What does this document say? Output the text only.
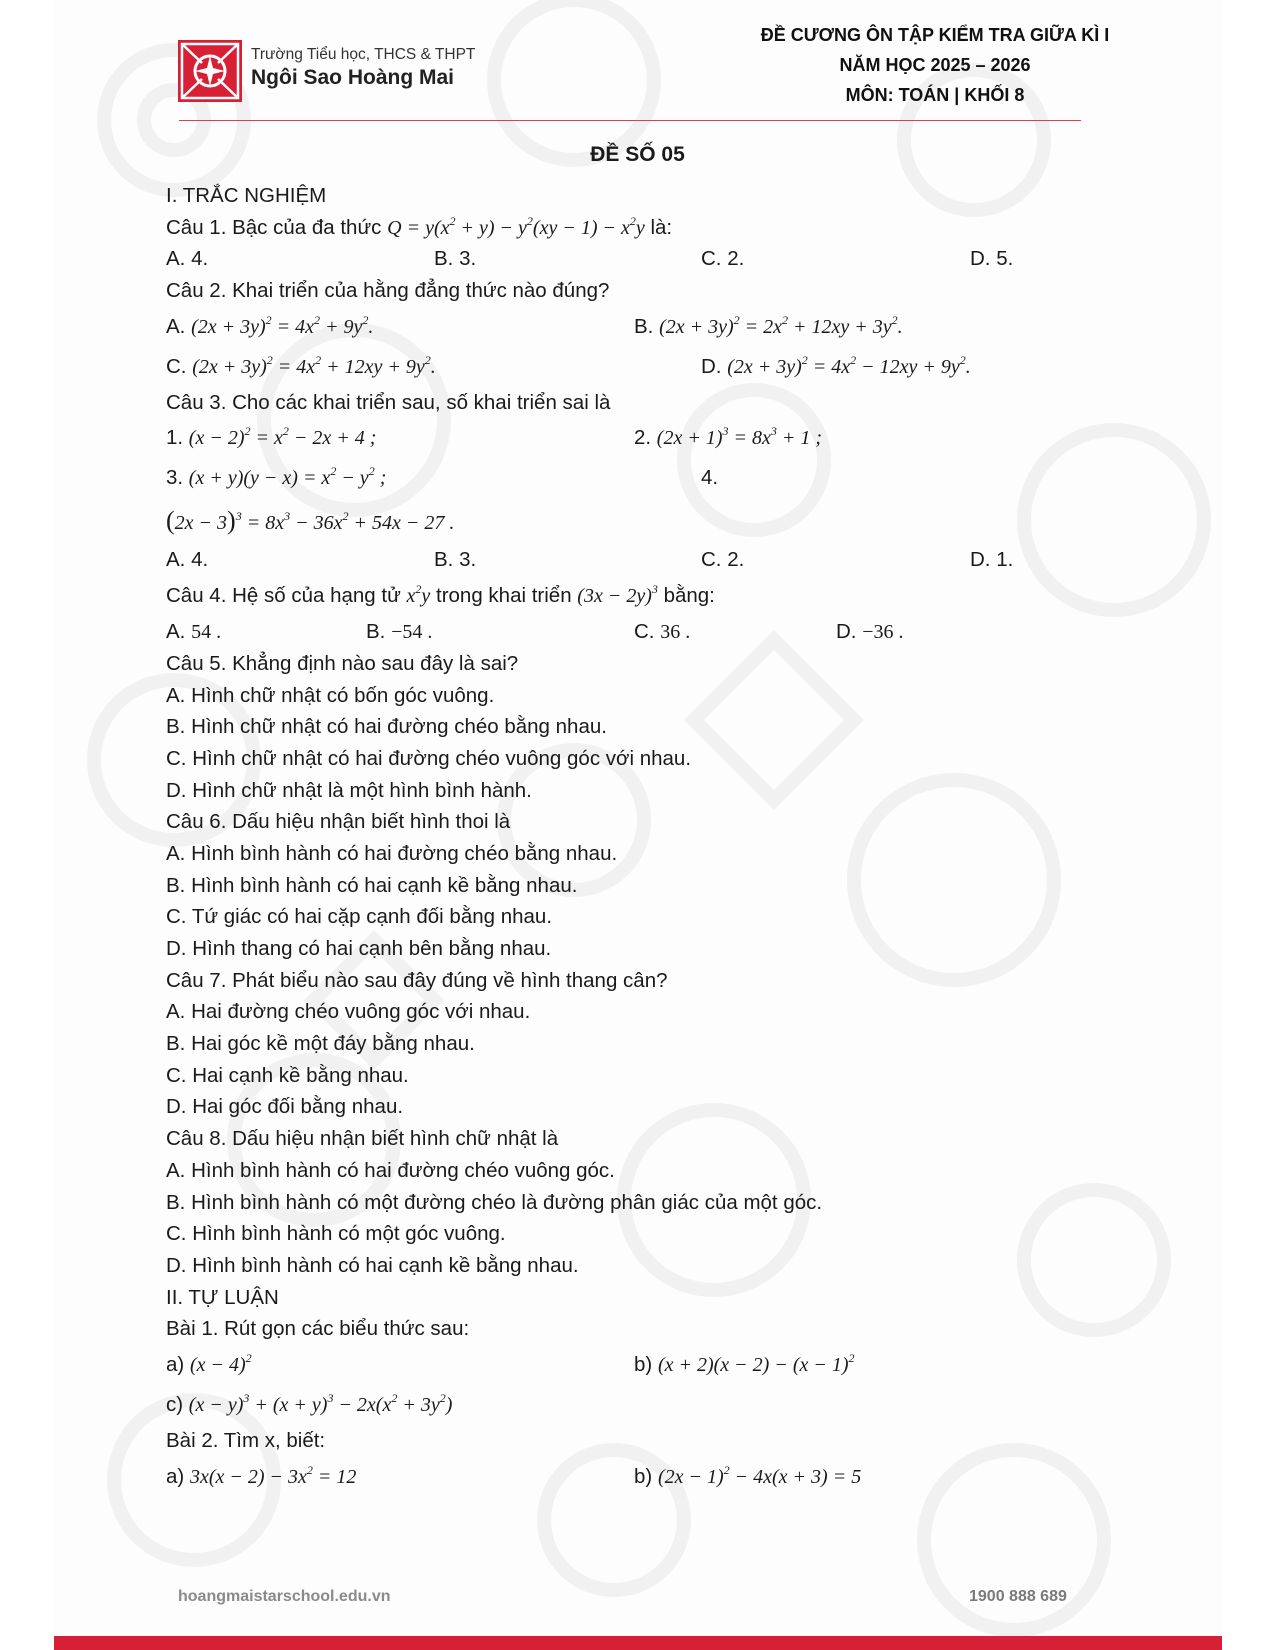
Trường Tiểu học, THCS & THPT
Ngôi Sao Hoàng Mai
ĐỀ CƯƠNG ÔN TẬP KIỂM TRA GIỮA KÌ I
NĂM HỌC 2025 – 2026
MÔN: TOÁN | KHỐI 8
ĐỀ SỐ 05
I. TRẮC NGHIỆM
Câu 1. Bậc của đa thức $Q = y(x^2 + y) - y^2(xy - 1) - x^2y$ là:
A. 4.	B. 3.	C. 2.	D. 5.
Câu 2. Khai triển của hằng đẳng thức nào đúng?
A. $(2x + 3y)^2 = 4x^2 + 9y^2$.	B. $(2x + 3y)^2 = 2x^2 + 12xy + 3y^2$.
C. $(2x + 3y)^2 = 4x^2 + 12xy + 9y^2$.	D. $(2x + 3y)^2 = 4x^2 - 12xy + 9y^2$.
Câu 3. Cho các khai triển sau, số khai triển sai là
1. $(x - 2)^2 = x^2 - 2x + 4$ ;	2. $(2x + 1)^3 = 8x^3 + 1$ ;
3. $(x + y)(y - x) = x^2 - y^2$ ;	4.
$(2x - 3)^3 = 8x^3 - 36x^2 + 54x - 27$ .
A. 4.	B. 3.	C. 2.	D. 1.
Câu 4. Hệ số của hạng tử $x^2y$ trong khai triển $(3x - 2y)^3$ bằng:
A. 54 .	B. −54 .	C. 36 .	D. −36 .
Câu 5. Khẳng định nào sau đây là sai?
A. Hình chữ nhật có bốn góc vuông.
B. Hình chữ nhật có hai đường chéo bằng nhau.
C. Hình chữ nhật có hai đường chéo vuông góc với nhau.
D. Hình chữ nhật là một hình bình hành.
Câu 6. Dấu hiệu nhận biết hình thoi là
A. Hình bình hành có hai đường chéo bằng nhau.
B. Hình bình hành có hai cạnh kề bằng nhau.
C. Tứ giác có hai cặp cạnh đối bằng nhau.
D. Hình thang có hai cạnh bên bằng nhau.
Câu 7. Phát biểu nào sau đây đúng về hình thang cân?
A. Hai đường chéo vuông góc với nhau.
B. Hai góc kề một đáy bằng nhau.
C. Hai cạnh kề bằng nhau.
D. Hai góc đối bằng nhau.
Câu 8. Dấu hiệu nhận biết hình chữ nhật là
A. Hình bình hành có hai đường chéo vuông góc.
B. Hình bình hành có một đường chéo là đường phân giác của một góc.
C. Hình bình hành có một góc vuông.
D. Hình bình hành có hai cạnh kề bằng nhau.
II. TỰ LUẬN
Bài 1. Rút gọn các biểu thức sau:
a) $(x - 4)^2$	b) $(x + 2)(x - 2) - (x - 1)^2$
c) $(x - y)^3 + (x + y)^3 - 2x(x^2 + 3y^2)$
Bài 2. Tìm x, biết:
a) $3x(x - 2) - 3x^2 = 12$	b) $(2x - 1)^2 - 4x(x + 3) = 5$
hoangmaistarschool.edu.vn	1900 888 689
